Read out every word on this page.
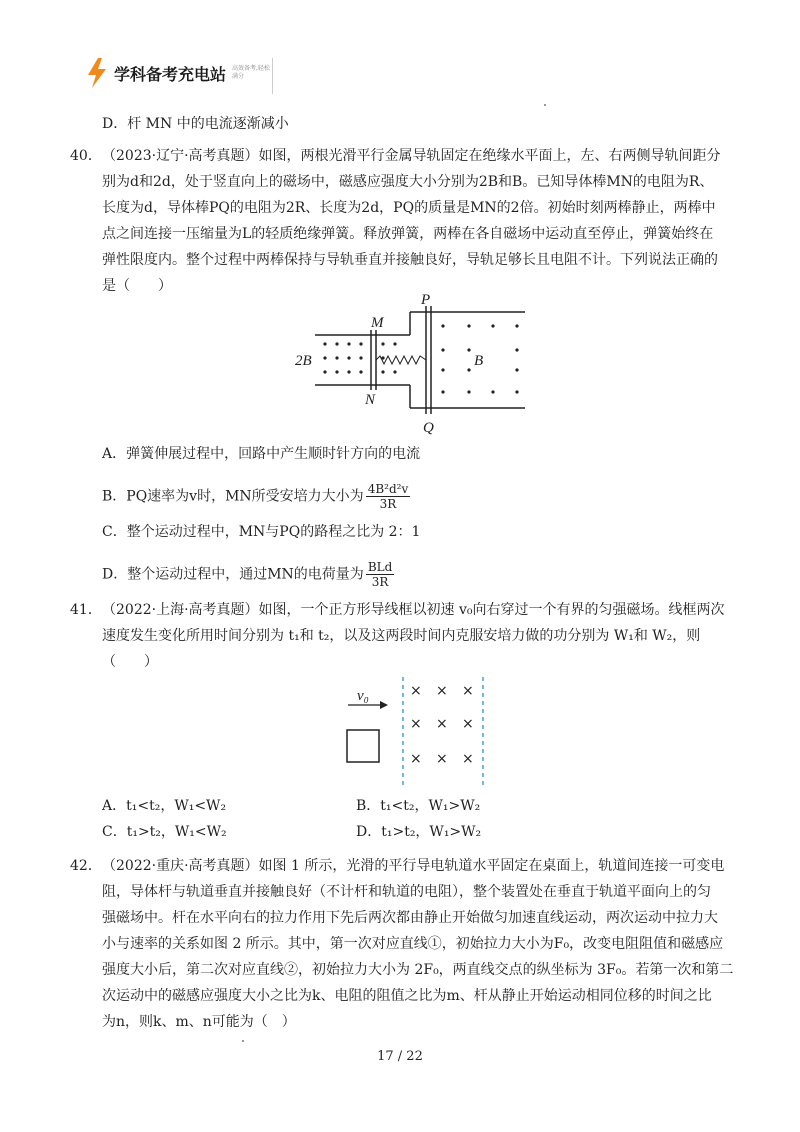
学科备考充电站 高效备考,轻松满分
D．杆 MN 中的电流逐渐减小
40． （2023·辽宁·高考真题）如图，两根光滑平行金属导轨固定在绝缘水平面上，左、右两侧导轨间距分
别为d和2d，处于竖直向上的磁场中，磁感应强度大小分别为2B和B。已知导体棒MN的电阻为R、
长度为d，导体棒PQ的电阻为2R、长度为2d，PQ的质量是MN的2倍。初始时刻两棒静止，两棒中
点之间连接一压缩量为L的轻质绝缘弹簧。释放弹簧，两棒在各自磁场中运动直至停止，弹簧始终在
弹性限度内。整个过程中两棒保持与导轨垂直并接触良好，导轨足够长且电阻不计。下列说法正确的
是（　　）
P
Q
M
N
2B	B
A．弹簧伸展过程中，回路中产生顺时针方向的电流
B．PQ速率为v时，MN所受安培力大小为 $\frac{\text{4B²d²v}}{3R}$
C．整个运动过程中，MN与PQ的路程之比为 2：1
D．整个运动过程中，通过MN的电荷量为 $\frac{\text{BLd}}{3R}$
41． （2022·上海·高考真题）如图，一个正方形导线框以初速 v₀向右穿过一个有界的匀强磁场。线框两次
速度发生变化所用时间分别为 t₁和 t₂，以及这两段时间内克服安培力做的功分别为 W₁和 W₂，则
（　　）
v₀	× × ×
× × ×
× × ×
A．t₁<t₂，W₁<W₂	B．t₁<t₂，W₁>W₂
C．t₁>t₂，W₁<W₂	D．t₁>t₂，W₁>W₂
42． （2022·重庆·高考真题）如图 1 所示，光滑的平行导电轨道水平固定在桌面上，轨道间连接一可变电
阻，导体杆与轨道垂直并接触良好（不计杆和轨道的电阻），整个装置处在垂直于轨道平面向上的匀
强磁场中。杆在水平向右的拉力作用下先后两次都由静止开始做匀加速直线运动，两次运动中拉力大
小与速率的关系如图 2 所示。其中，第一次对应直线①，初始拉力大小为F₀，改变电阻阻值和磁感应
强度大小后，第二次对应直线②，初始拉力大小为 2F₀，两直线交点的纵坐标为 3F₀。若第一次和第二
次运动中的磁感应强度大小之比为k、电阻的阻值之比为m、杆从静止开始运动相同位移的时间之比
为n，则k、m、n可能为（　）
17 / 22
